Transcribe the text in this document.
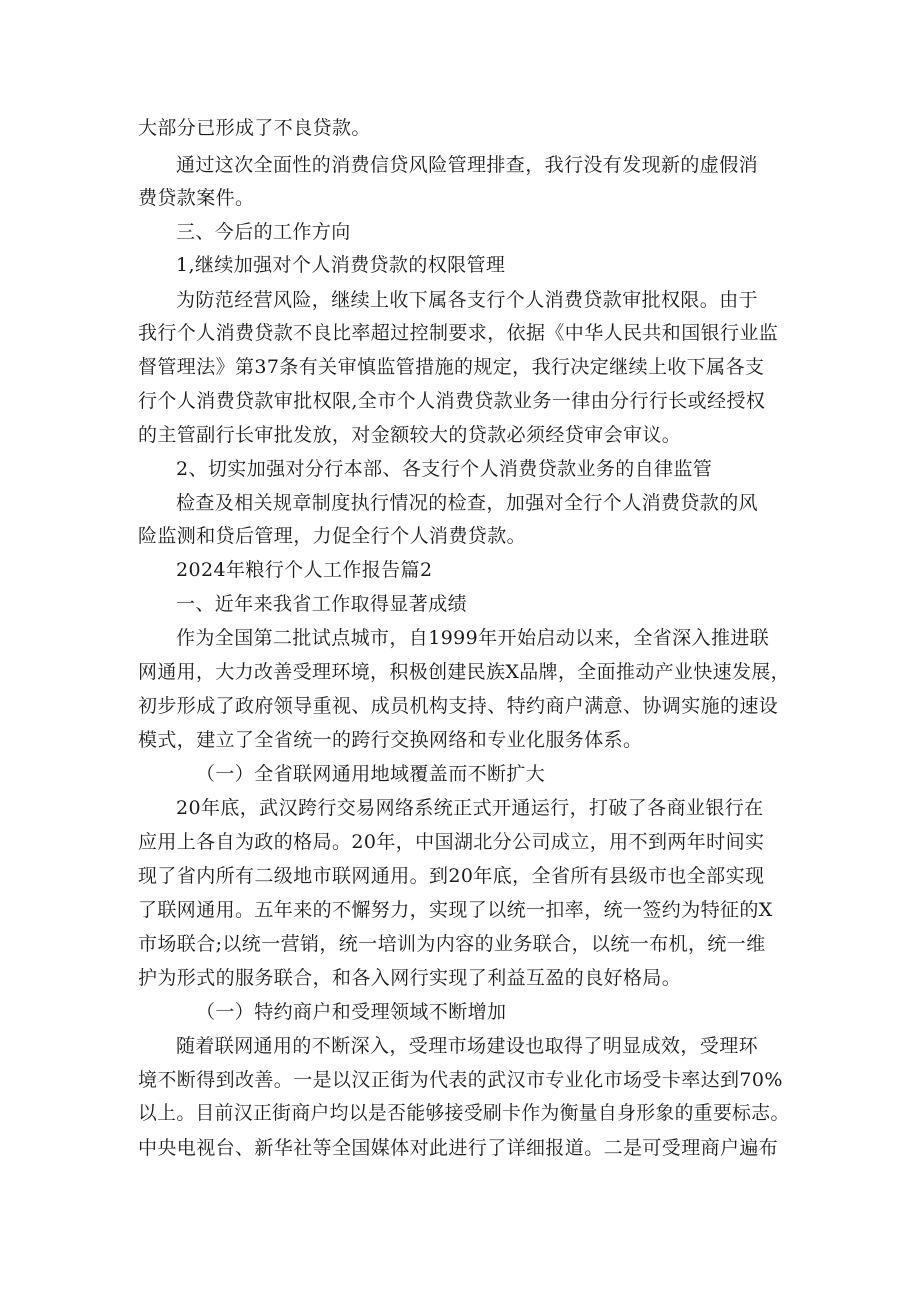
大部分已形成了不良贷款。
通过这次全面性的消费信贷风险管理排查，我行没有发现新的虚假消
费贷款案件。
三、今后的工作方向
1,继续加强对个人消费贷款的权限管理
为防范经营风险，继续上收下属各支行个人消费贷款审批权限。由于
我行个人消费贷款不良比率超过控制要求，依据《中华人民共和国银行业监
督管理法》第37条有关审慎监管措施的规定，我行决定继续上收下属各支
行个人消费贷款审批权限,全市个人消费贷款业务一律由分行行长或经授权
的主管副行长审批发放，对金额较大的贷款必须经贷审会审议。
2、切实加强对分行本部、各支行个人消费贷款业务的自律监管
检查及相关规章制度执行情况的检查，加强对全行个人消费贷款的风
险监测和贷后管理，力促全行个人消费贷款。
2024年粮行个人工作报告篇2
一、近年来我省工作取得显著成绩
作为全国第二批试点城市，自1999年开始启动以来，全省深入推进联
网通用，大力改善受理环境，积极创建民族X品牌，全面推动产业快速发展，
初步形成了政府领导重视、成员机构支持、特约商户满意、协调实施的速设
模式，建立了全省统一的跨行交换网络和专业化服务体系。
（一）全省联网通用地域覆盖而不断扩大
20年底，武汉跨行交易网络系统正式开通运行，打破了各商业银行在
应用上各自为政的格局。20年，中国湖北分公司成立，用不到两年时间实
现了省内所有二级地市联网通用。到20年底，全省所有县级市也全部实现
了联网通用。五年来的不懈努力，实现了以统一扣率，统一签约为特征的X
市场联合;以统一营销，统一培训为内容的业务联合，以统一布机，统一维
护为形式的服务联合，和各入网行实现了利益互盈的良好格局。
（一）特约商户和受理领域不断增加
随着联网通用的不断深入，受理市场建设也取得了明显成效，受理环
境不断得到改善。一是以汉正街为代表的武汉市专业化市场受卡率达到70%
以上。目前汉正街商户均以是否能够接受刷卡作为衡量自身形象的重要标志。
中央电视台、新华社等全国媒体对此进行了详细报道。二是可受理商户遍布
